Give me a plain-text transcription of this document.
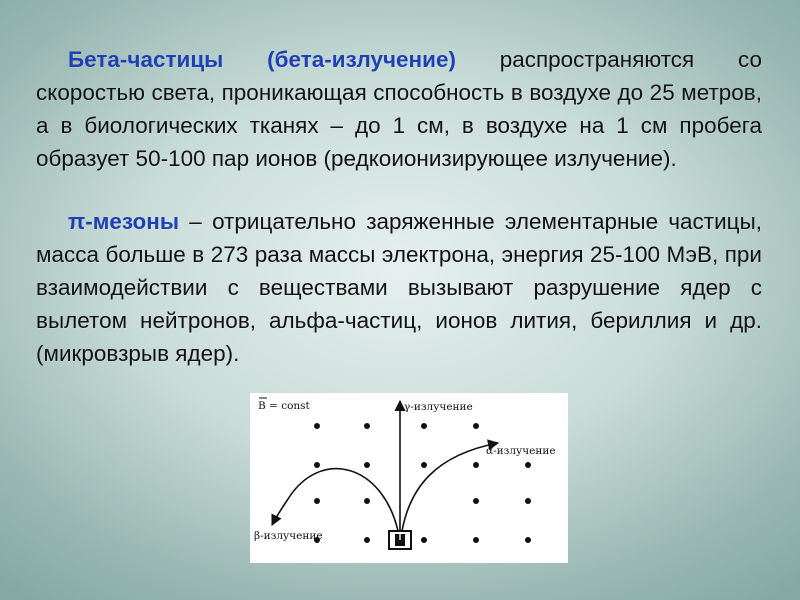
Бета-частицы (бета-излучение) распространяются со скоростью света, проникающая способность в воздухе до 25 метров, а в биологических тканях – до 1 см, в воздухе на 1 см пробега образует 50-100 пар ионов (редкоионизирующее излучение).

π-мезоны – отрицательно заряженные элементарные частицы, масса больше в 273 раза массы электрона, энергия 25-100 МэВ, при взаимодействии с веществами вызывают разрушение ядер с вылетом нейтронов, альфа-частиц, ионов лития, бериллия и др. (микровзрыв ядер).

B = const	γ-излучение
α-излучение
β-излучение
